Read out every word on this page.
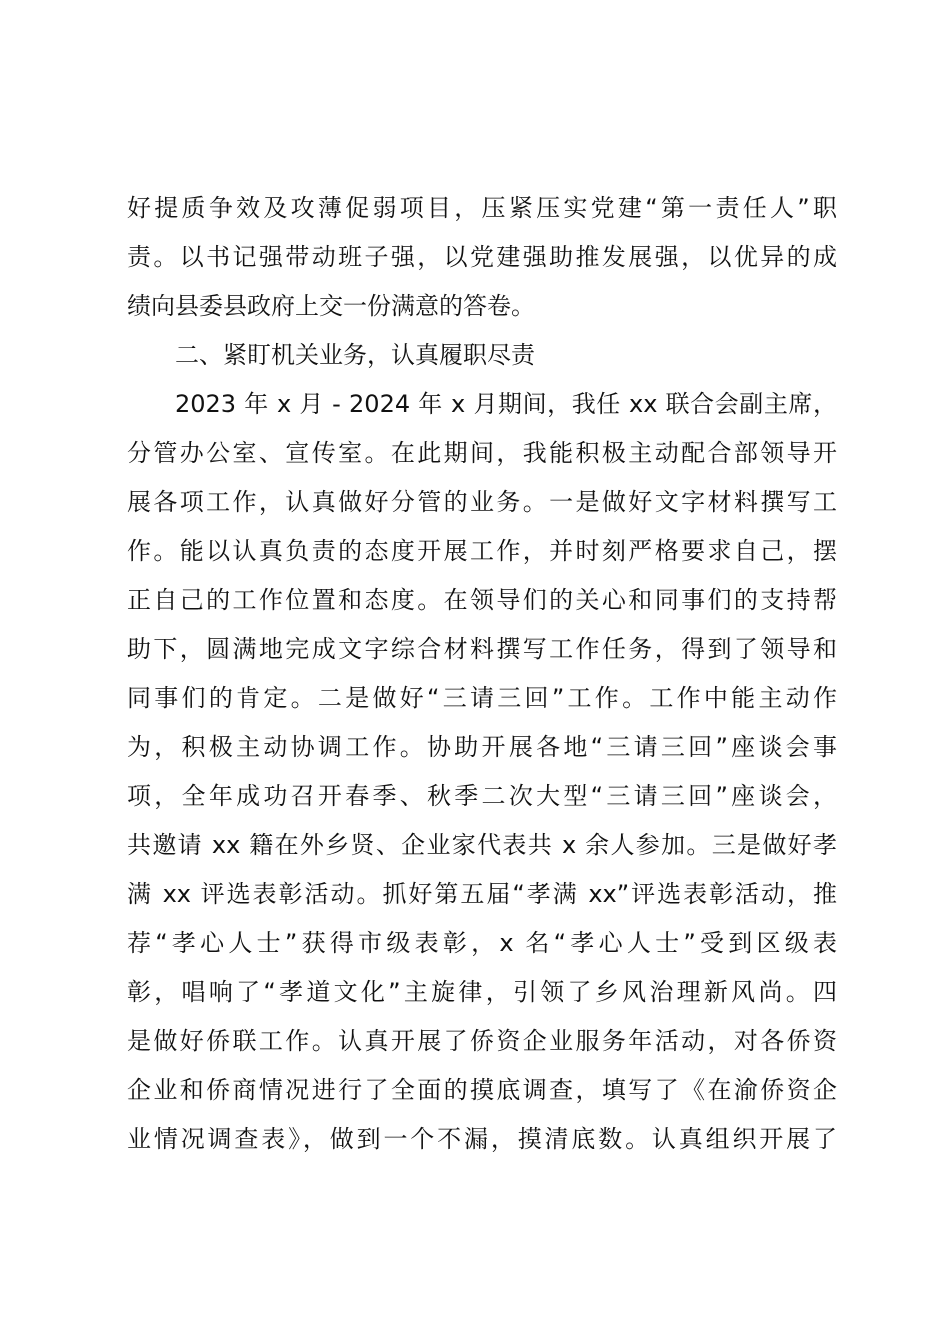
好提质争效及攻薄促弱项目，压紧压实党建“第一责任人”职
责。以书记强带动班子强，以党建强助推发展强，以优异的成
绩向县委县政府上交一份满意的答卷。
二、紧盯机关业务，认真履职尽责
2023 年 x 月 - 2024 年 x 月期间，我任 xx 联合会副主席，
分管办公室、宣传室。在此期间，我能积极主动配合部领导开
展各项工作，认真做好分管的业务。一是做好文字材料撰写工
作。能以认真负责的态度开展工作，并时刻严格要求自己，摆
正自己的工作位置和态度。在领导们的关心和同事们的支持帮
助下，圆满地完成文字综合材料撰写工作任务，得到了领导和
同事们的肯定。二是做好“三请三回”工作。工作中能主动作
为，积极主动协调工作。协助开展各地“三请三回”座谈会事
项，全年成功召开春季、秋季二次大型“三请三回”座谈会，
共邀请 xx 籍在外乡贤、企业家代表共 x 余人参加。三是做好孝
满 xx 评选表彰活动。抓好第五届“孝满 xx”评选表彰活动，推
荐“孝心人士”获得市级表彰，x 名“孝心人士”受到区级表
彰，唱响了“孝道文化”主旋律，引领了乡风治理新风尚。四
是做好侨联工作。认真开展了侨资企业服务年活动，对各侨资
企业和侨商情况进行了全面的摸底调查，填写了《在渝侨资企
业情况调查表》，做到一个不漏，摸清底数。认真组织开展了
